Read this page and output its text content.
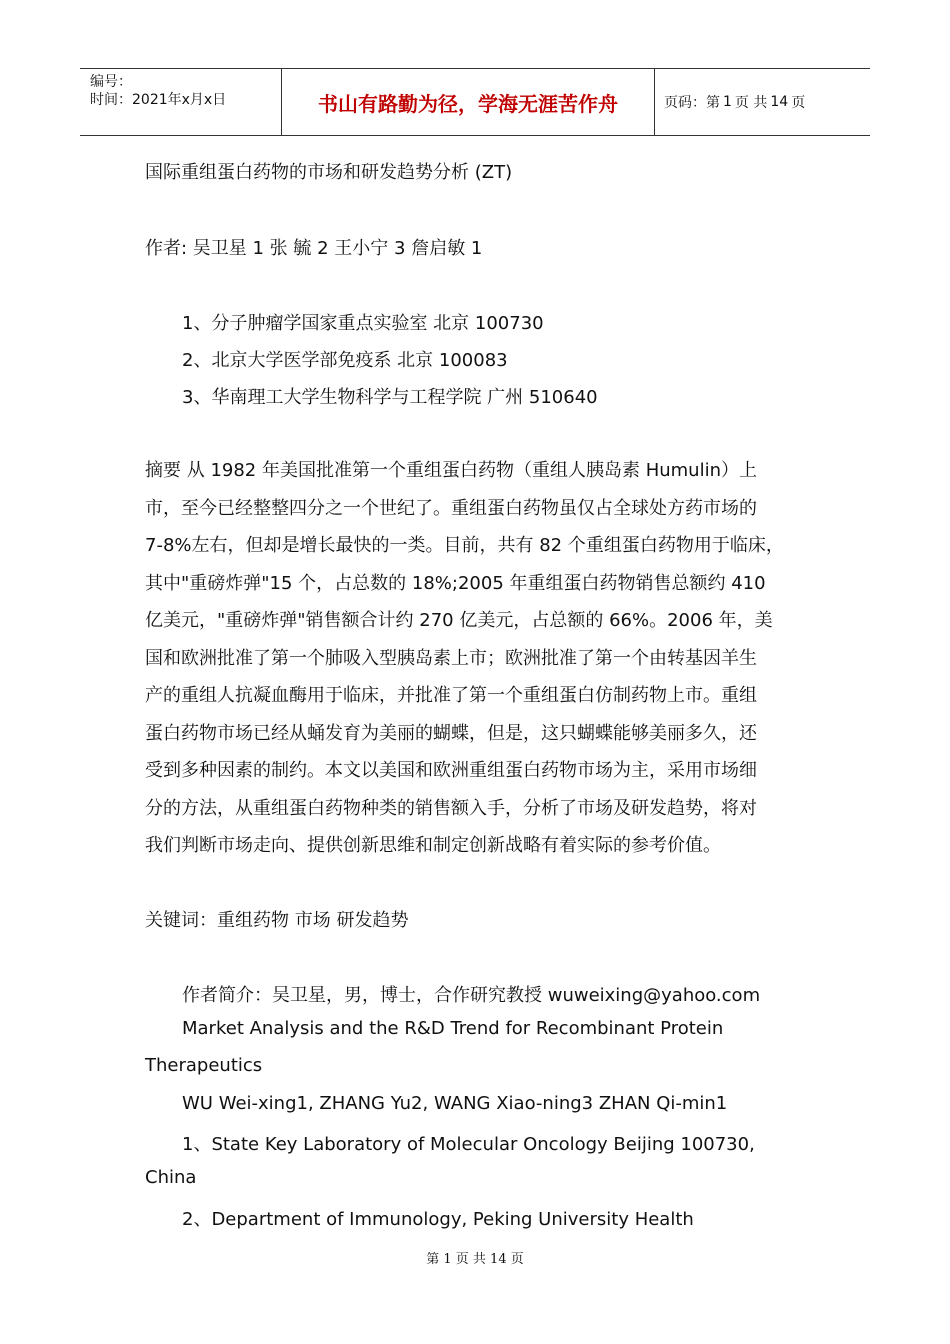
编号：
时间：2021年x月x日	书山有路勤为径，学海无涯苦作舟	页码：第 1 页 共 14 页

国际重组蛋白药物的市场和研发趋势分析 (ZT)

作者: 吴卫星 1 张 毓 2 王小宁 3 詹启敏 1

1、分子肿瘤学国家重点实验室 北京 100730

2、北京大学医学部免疫系 北京 100083

3、华南理工大学生物科学与工程学院 广州 510640

摘要 从 1982 年美国批准第一个重组蛋白药物（重组人胰岛素 Humulin）上
市，至今已经整整四分之一个世纪了。重组蛋白药物虽仅占全球处方药市场的
7-8%左右，但却是增长最快的一类。目前，共有 82 个重组蛋白药物用于临床，
其中"重磅炸弹"15 个，占总数的 18%;2005 年重组蛋白药物销售总额约 410
亿美元，"重磅炸弹"销售额合计约 270 亿美元，占总额的 66%。2006 年，美
国和欧洲批准了第一个肺吸入型胰岛素上市；欧洲批准了第一个由转基因羊生
产的重组人抗凝血酶用于临床，并批准了第一个重组蛋白仿制药物上市。重组
蛋白药物市场已经从蛹发育为美丽的蝴蝶，但是，这只蝴蝶能够美丽多久，还
受到多种因素的制约。本文以美国和欧洲重组蛋白药物市场为主，采用市场细
分的方法，从重组蛋白药物种类的销售额入手，分析了市场及研发趋势，将对
我们判断市场走向、提供创新思维和制定创新战略有着实际的参考价值。

关键词：重组药物 市场 研发趋势

作者简介：吴卫星，男，博士，合作研究教授 wuweixing@yahoo.com

Market Analysis and the R&D Trend for Recombinant Protein

Therapeutics

WU Wei-xing1, ZHANG Yu2, WANG Xiao-ning3 ZHAN Qi-min1

1、State Key Laboratory of Molecular Oncology Beijing 100730,

China

2、Department of Immunology, Peking University Health

第 1 页 共 14 页
